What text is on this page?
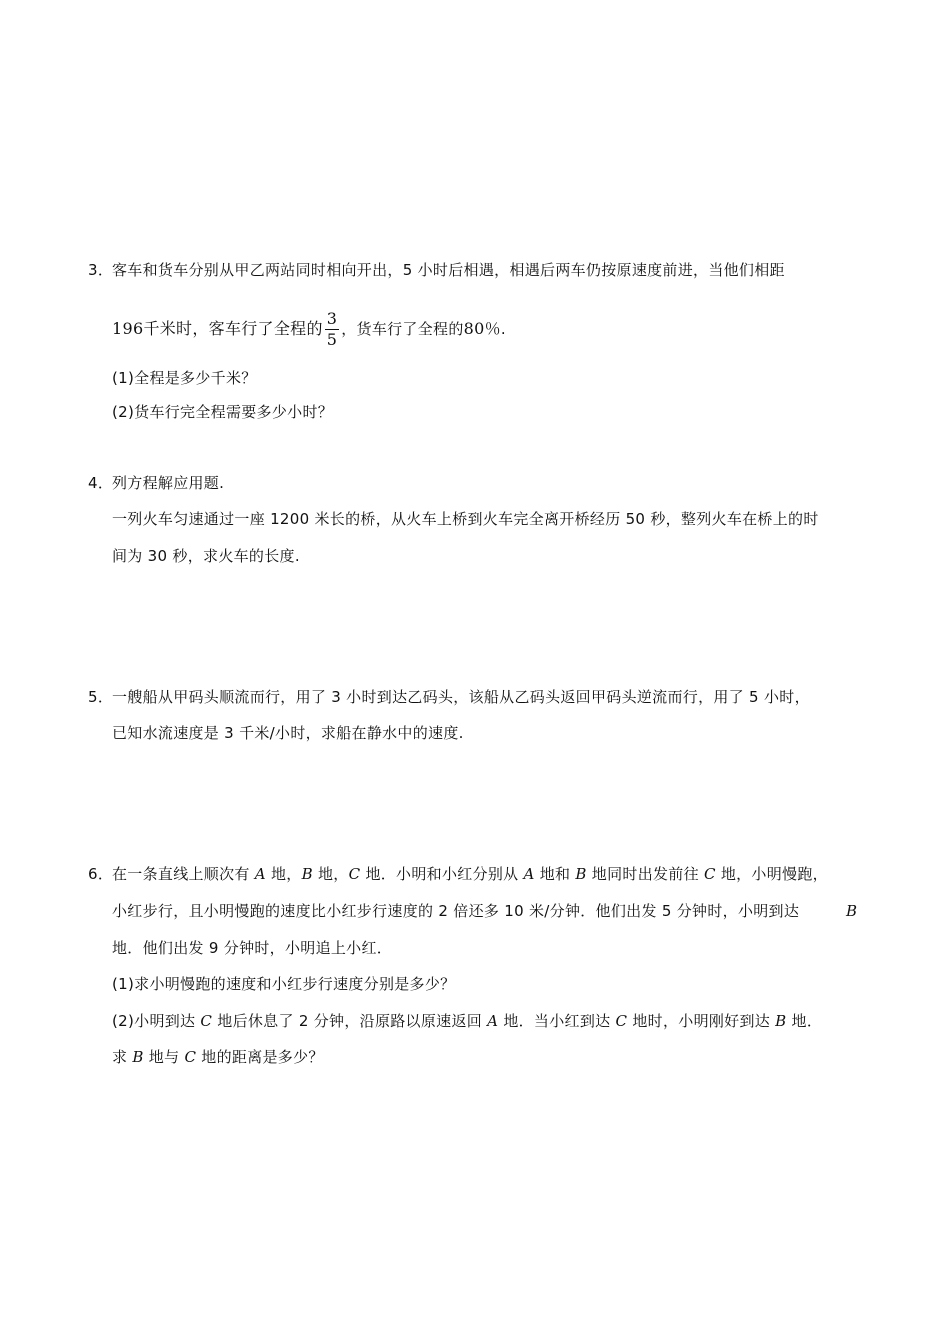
3．
客车和货车分别从甲乙两站同时相向开出，5 小时后相遇，相遇后两车仍按原速度前进，当他们相距
196千米时，客车行了全程的 $\frac{3}{5}$ ，货车行了全程的80％.
(1)全程是多少千米？
(2)货车行完全程需要多少小时？
4．
列方程解应用题.
一列火车匀速通过一座 1200 米长的桥，从火车上桥到火车完全离开桥经历 50 秒，整列火车在桥上的时
间为 30 秒，求火车的长度.
5．
一艘船从甲码头顺流而行，用了 3 小时到达乙码头，该船从乙码头返回甲码头逆流而行，用了 5 小时，
已知水流速度是 3 千米/小时，求船在静水中的速度.
6．
在一条直线上顺次有 A 地，B 地，C 地．小明和小红分别从 A 地和 B 地同时出发前往 C 地，小明慢跑，
小红步行，且小明慢跑的速度比小红步行速度的 2 倍还多 10 米/分钟．他们出发 5 分钟时，小明到达	B
地．他们出发 9 分钟时，小明追上小红．
(1)求小明慢跑的速度和小红步行速度分别是多少？
(2)小明到达 C 地后休息了 2 分钟，沿原路以原速返回 A 地．当小红到达 C 地时，小明刚好到达 B 地．
求 B 地与 C 地的距离是多少？
